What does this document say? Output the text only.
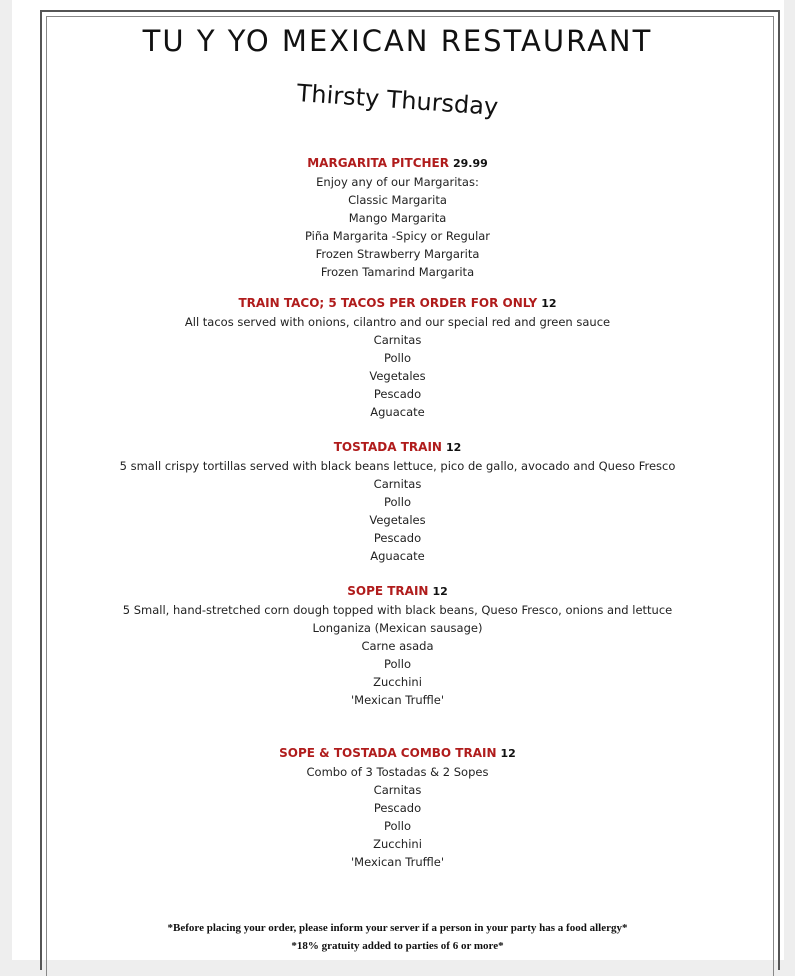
TU Y YO MEXICAN RESTAURANT
Thirsty Thursday
MARGARITA PITCHER 29.99
Enjoy any of our Margaritas:
Classic Margarita
Mango Margarita
Piña Margarita -Spicy or Regular
Frozen Strawberry Margarita
Frozen Tamarind Margarita
TRAIN TACO; 5 TACOS PER ORDER FOR ONLY 12
All tacos served with onions, cilantro and our special red and green sauce
Carnitas
Pollo
Vegetales
Pescado
Aguacate
TOSTADA TRAIN 12
5 small crispy tortillas served with black beans lettuce, pico de gallo, avocado and Queso Fresco
Carnitas
Pollo
Vegetales
Pescado
Aguacate
SOPE TRAIN 12
5 Small, hand-stretched corn dough topped with black beans, Queso Fresco, onions and lettuce
Longaniza (Mexican sausage)
Carne asada
Pollo
Zucchini
'Mexican Truffle'
SOPE & TOSTADA COMBO TRAIN 12
Combo of 3 Tostadas & 2 Sopes
Carnitas
Pescado
Pollo
Zucchini
'Mexican Truffle'
*Before placing your order, please inform your server if a person in your party has a food allergy*
*18% gratuity added to parties of 6 or more*
